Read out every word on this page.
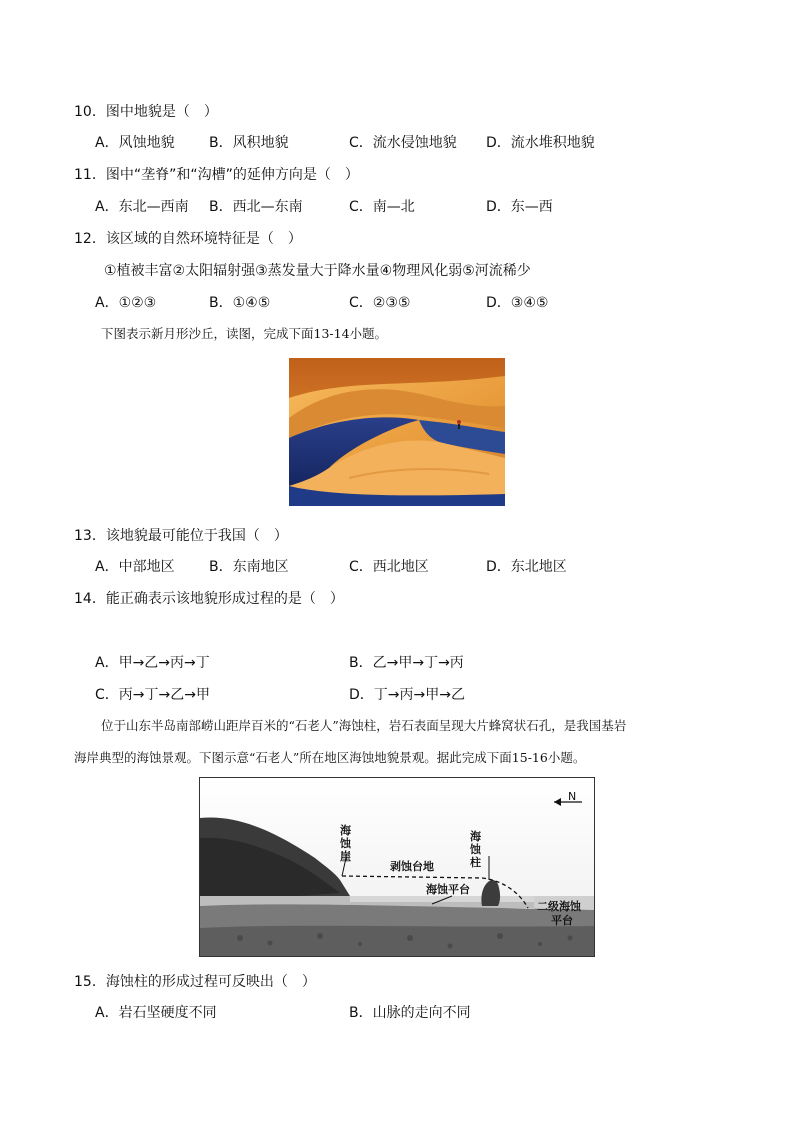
10．图中地貌是（　）
A．风蚀地貌 B．风积地貌	C．流水侵蚀地貌 D．流水堆积地貌
11．图中“垄脊”和“沟槽”的延伸方向是（　）
A．东北—西南 B．西北—东南	C．南—北	D．东—西
12．该区域的自然环境特征是（　）
①植被丰富②太阳辐射强③蒸发量大于降水量④物理风化弱⑤河流稀少
A．①②③	B．①④⑤	C．②③⑤	D．③④⑤
下图表示新月形沙丘，读图，完成下面13-14小题。
13．该地貌最可能位于我国（　）
A．中部地区 B．东南地区	C．西北地区	D．东北地区
14．能正确表示该地貌形成过程的是（　）
A．甲→乙→丙→丁	B．乙→甲→丁→丙
C．丙→丁→乙→甲	D．丁→丙→甲→乙
位于山东半岛南部崂山距岸百米的“石老人”海蚀柱，岩石表面呈现大片蜂窝状石孔，是我国基岩
海岸典型的海蚀景观。下图示意“石老人”所在地区海蚀地貌景观。据此完成下面15-16小题。
N
海
蚀
崖
海
蚀
柱
剥蚀台地
海蚀平台
二级海蚀
平台
15．海蚀柱的形成过程可反映出（　）
A．岩石坚硬度不同	B．山脉的走向不同
